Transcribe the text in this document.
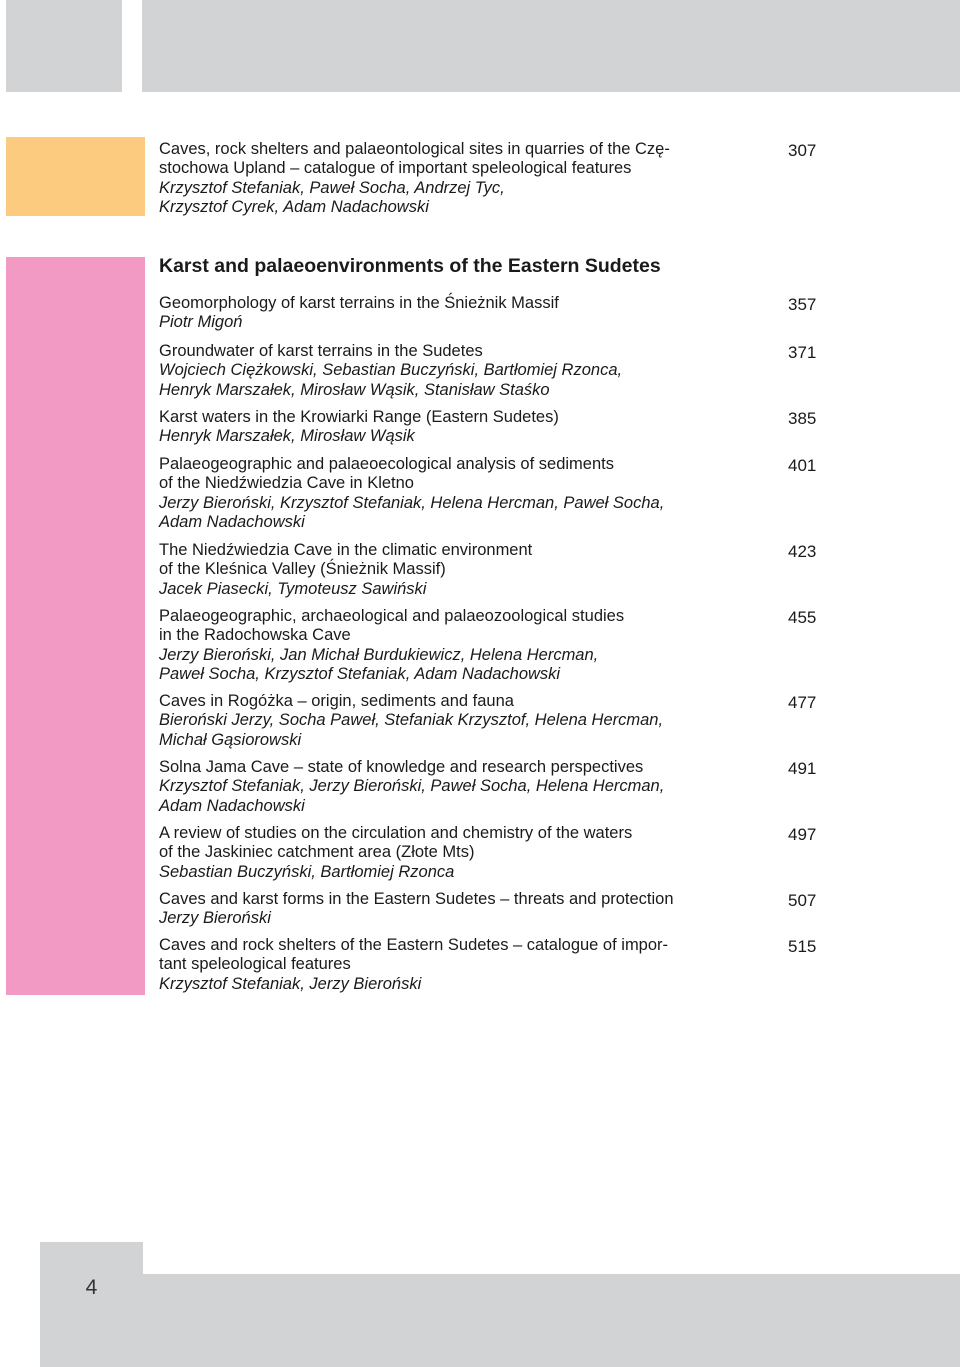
4
Caves, rock shelters and palaeontological sites in quarries of the Czę-
stochowa Upland – catalogue of important speleological features
Krzysztof Stefaniak, Paweł Socha, Andrzej Tyc,
Krzysztof Cyrek, Adam Nadachowski
307
Karst and palaeoenvironments of the Eastern Sudetes
Geomorphology of karst terrains in the Śnieżnik Massif
Piotr Migoń
357
Groundwater of karst terrains in the Sudetes
Wojciech Ciężkowski, Sebastian Buczyński, Bartłomiej Rzonca,
Henryk Marszałek, Mirosław Wąsik, Stanisław Staśko
371
Karst waters in the Krowiarki Range (Eastern Sudetes)
Henryk Marszałek, Mirosław Wąsik
385
Palaeogeographic and palaeoecological analysis of sediments
of the Niedźwiedzia Cave in Kletno
Jerzy Bieroński, Krzysztof Stefaniak, Helena Hercman, Paweł Socha,
Adam Nadachowski
401
The Niedźwiedzia Cave in the climatic environment
of the Kleśnica Valley (Śnieżnik Massif)
Jacek Piasecki, Tymoteusz Sawiński
423
Palaeogeographic, archaeological and palaeozoological studies
in the Radochowska Cave
Jerzy Bieroński, Jan Michał Burdukiewicz, Helena Hercman,
Paweł Socha, Krzysztof Stefaniak, Adam Nadachowski
455
Caves in Rogóżka – origin, sediments and fauna
Bieroński Jerzy, Socha Paweł, Stefaniak Krzysztof, Helena Hercman,
Michał Gąsiorowski
477
Solna Jama Cave – state of knowledge and research perspectives
Krzysztof Stefaniak, Jerzy Bieroński, Paweł Socha, Helena Hercman,
Adam Nadachowski
491
A review of studies on the circulation and chemistry of the waters
of the Jaskiniec catchment area (Złote Mts)
Sebastian Buczyński, Bartłomiej Rzonca
497
Caves and karst forms in the Eastern Sudetes – threats and protection
Jerzy Bieroński
507
Caves and rock shelters of the Eastern Sudetes – catalogue of impor-
tant speleological features
Krzysztof Stefaniak, Jerzy Bieroński
515
